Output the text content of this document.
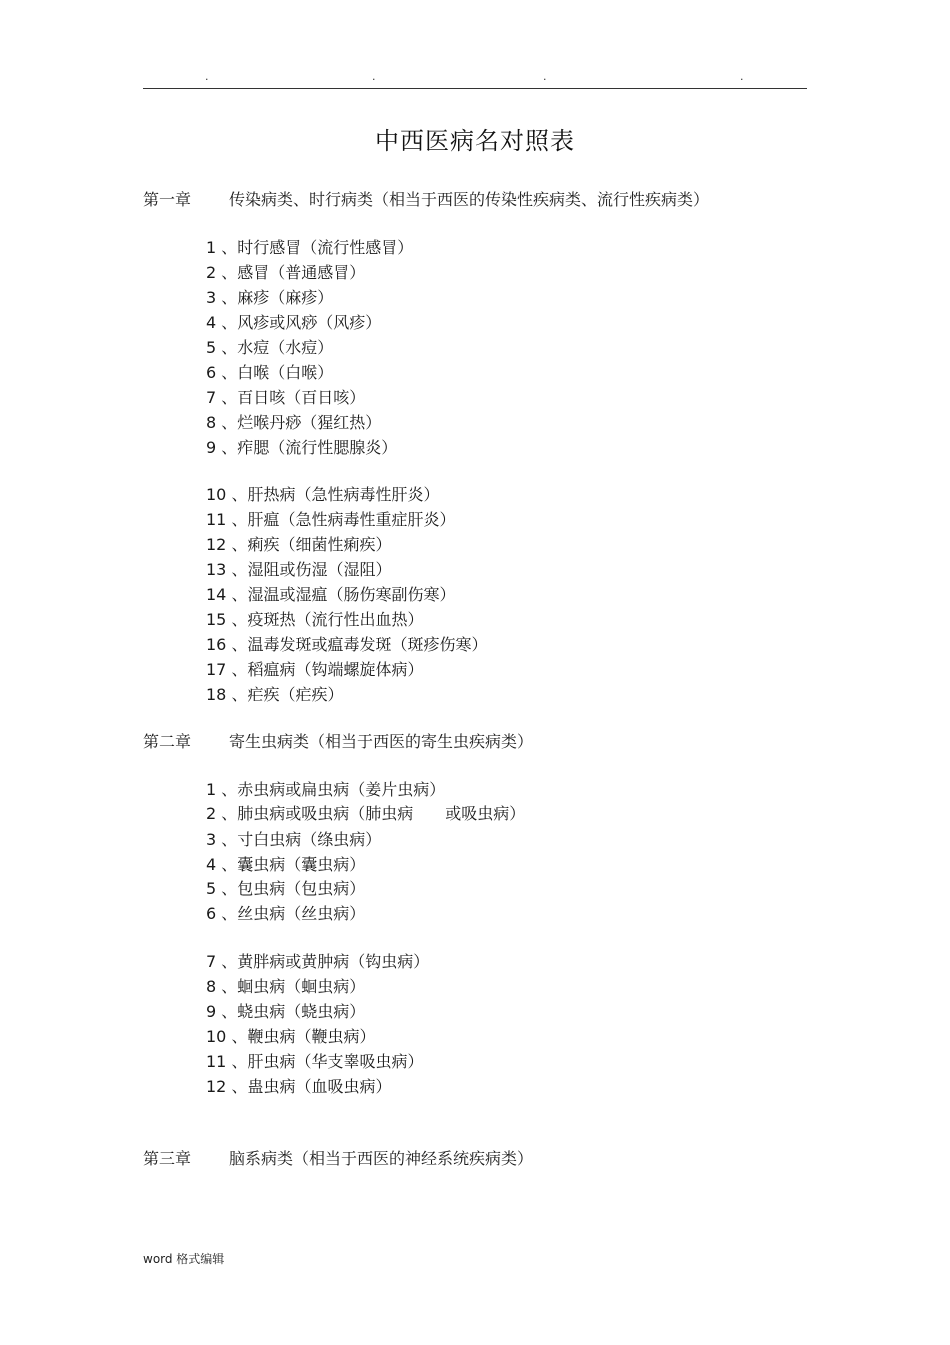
.	.	.	.
中西医病名对照表
第一章 传染病类、时行病类（相当于西医的传染性疾病类、流行性疾病类）
1 、时行感冒（流行性感冒）
2 、感冒（普通感冒）
3 、麻疹（麻疹）
4 、风疹或风痧（风疹）
5 、水痘（水痘）
6 、白喉（白喉）
7 、百日咳（百日咳）
8 、烂喉丹痧（猩红热）
9 、痄腮（流行性腮腺炎）
10 、肝热病（急性病毒性肝炎）
11 、肝瘟（急性病毒性重症肝炎）
12 、痢疾（细菌性痢疾）
13 、湿阻或伤湿（湿阻）
14 、湿温或湿瘟（肠伤寒副伤寒）
15 、疫斑热（流行性出血热）
16 、温毒发斑或瘟毒发斑（斑疹伤寒）
17 、稻瘟病（钩端螺旋体病）
18 、疟疾（疟疾）
第二章 寄生虫病类（相当于西医的寄生虫疾病类）
1 、赤虫病或扁虫病（姜片虫病）
2 、肺虫病或吸虫病（肺虫病　　或吸虫病）
3 、寸白虫病（绦虫病）
4 、囊虫病（囊虫病）
5 、包虫病（包虫病）
6 、丝虫病（丝虫病）
7 、黄胖病或黄肿病（钩虫病）
8 、蛔虫病（蛔虫病）
9 、蛲虫病（蛲虫病）
10 、鞭虫病（鞭虫病）
11 、肝虫病（华支睾吸虫病）
12 、蛊虫病（血吸虫病）
第三章 脑系病类（相当于西医的神经系统疾病类）
word 格式编辑
